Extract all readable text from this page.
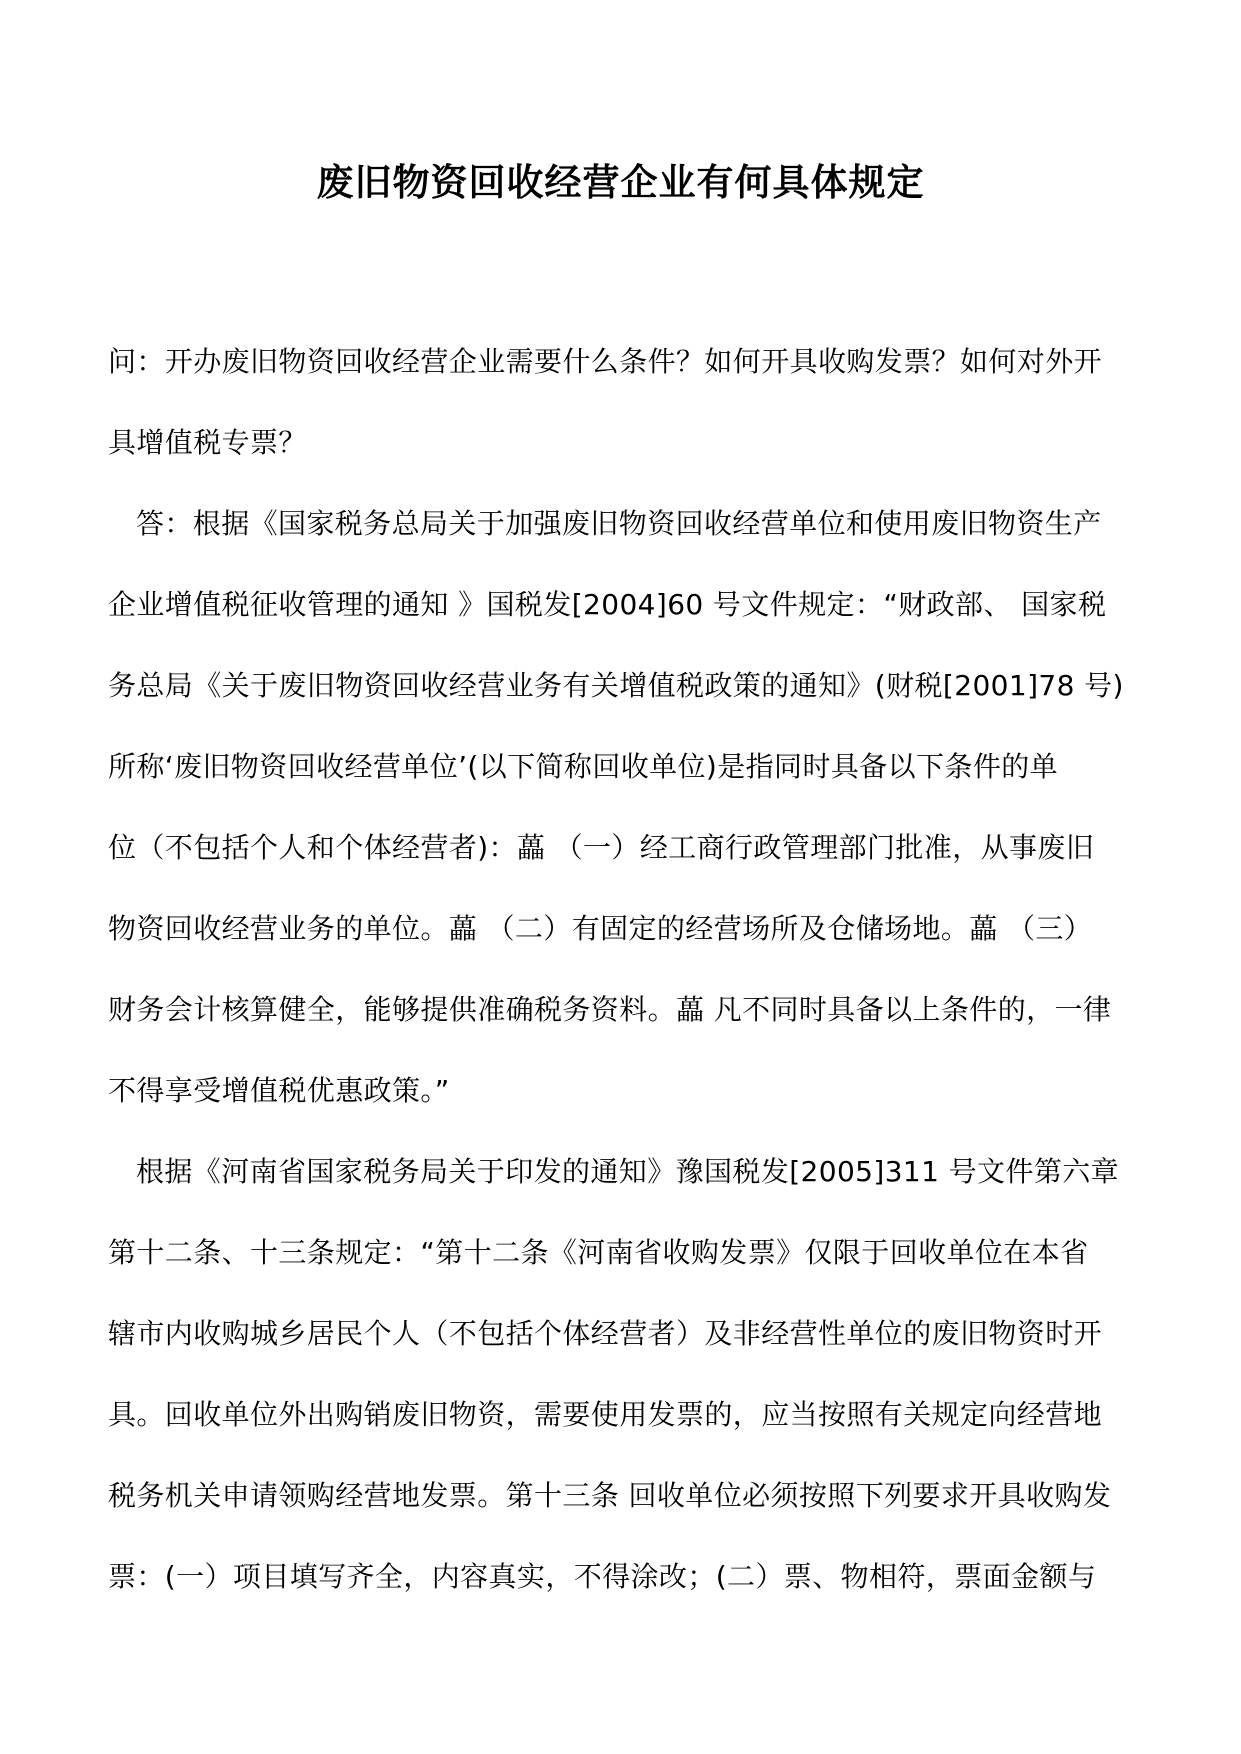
废旧物资回收经营企业有何具体规定
问：开办废旧物资回收经营企业需要什么条件？如何开具收购发票？如何对外开
具增值税专票？
答：根据《国家税务总局关于加强废旧物资回收经营单位和使用废旧物资生产
企业增值税征收管理的通知 》国税发[2004]60 号文件规定：“财政部、 国家税
务总局《关于废旧物资回收经营业务有关增值税政策的通知》(财税[2001]78 号)
所称‘废旧物资回收经营单位’(以下简称回收单位)是指同时具备以下条件的单
位（不包括个人和个体经营者)：藟 （一）经工商行政管理部门批准，从事废旧
物资回收经营业务的单位。藟 （二）有固定的经营场所及仓储场地。藟 （三）
财务会计核算健全，能够提供准确税务资料。藟 凡不同时具备以上条件的，一律
不得享受增值税优惠政策。”
根据《河南省国家税务局关于印发的通知》豫国税发[2005]311 号文件第六章
第十二条、十三条规定：“第十二条《河南省收购发票》仅限于回收单位在本省
辖市内收购城乡居民个人（不包括个体经营者）及非经营性单位的废旧物资时开
具。回收单位外出购销废旧物资，需要使用发票的，应当按照有关规定向经营地
税务机关申请领购经营地发票。第十三条 回收单位必须按照下列要求开具收购发
票：(一）项目填写齐全，内容真实，不得涂改；(二）票、物相符，票面金额与
